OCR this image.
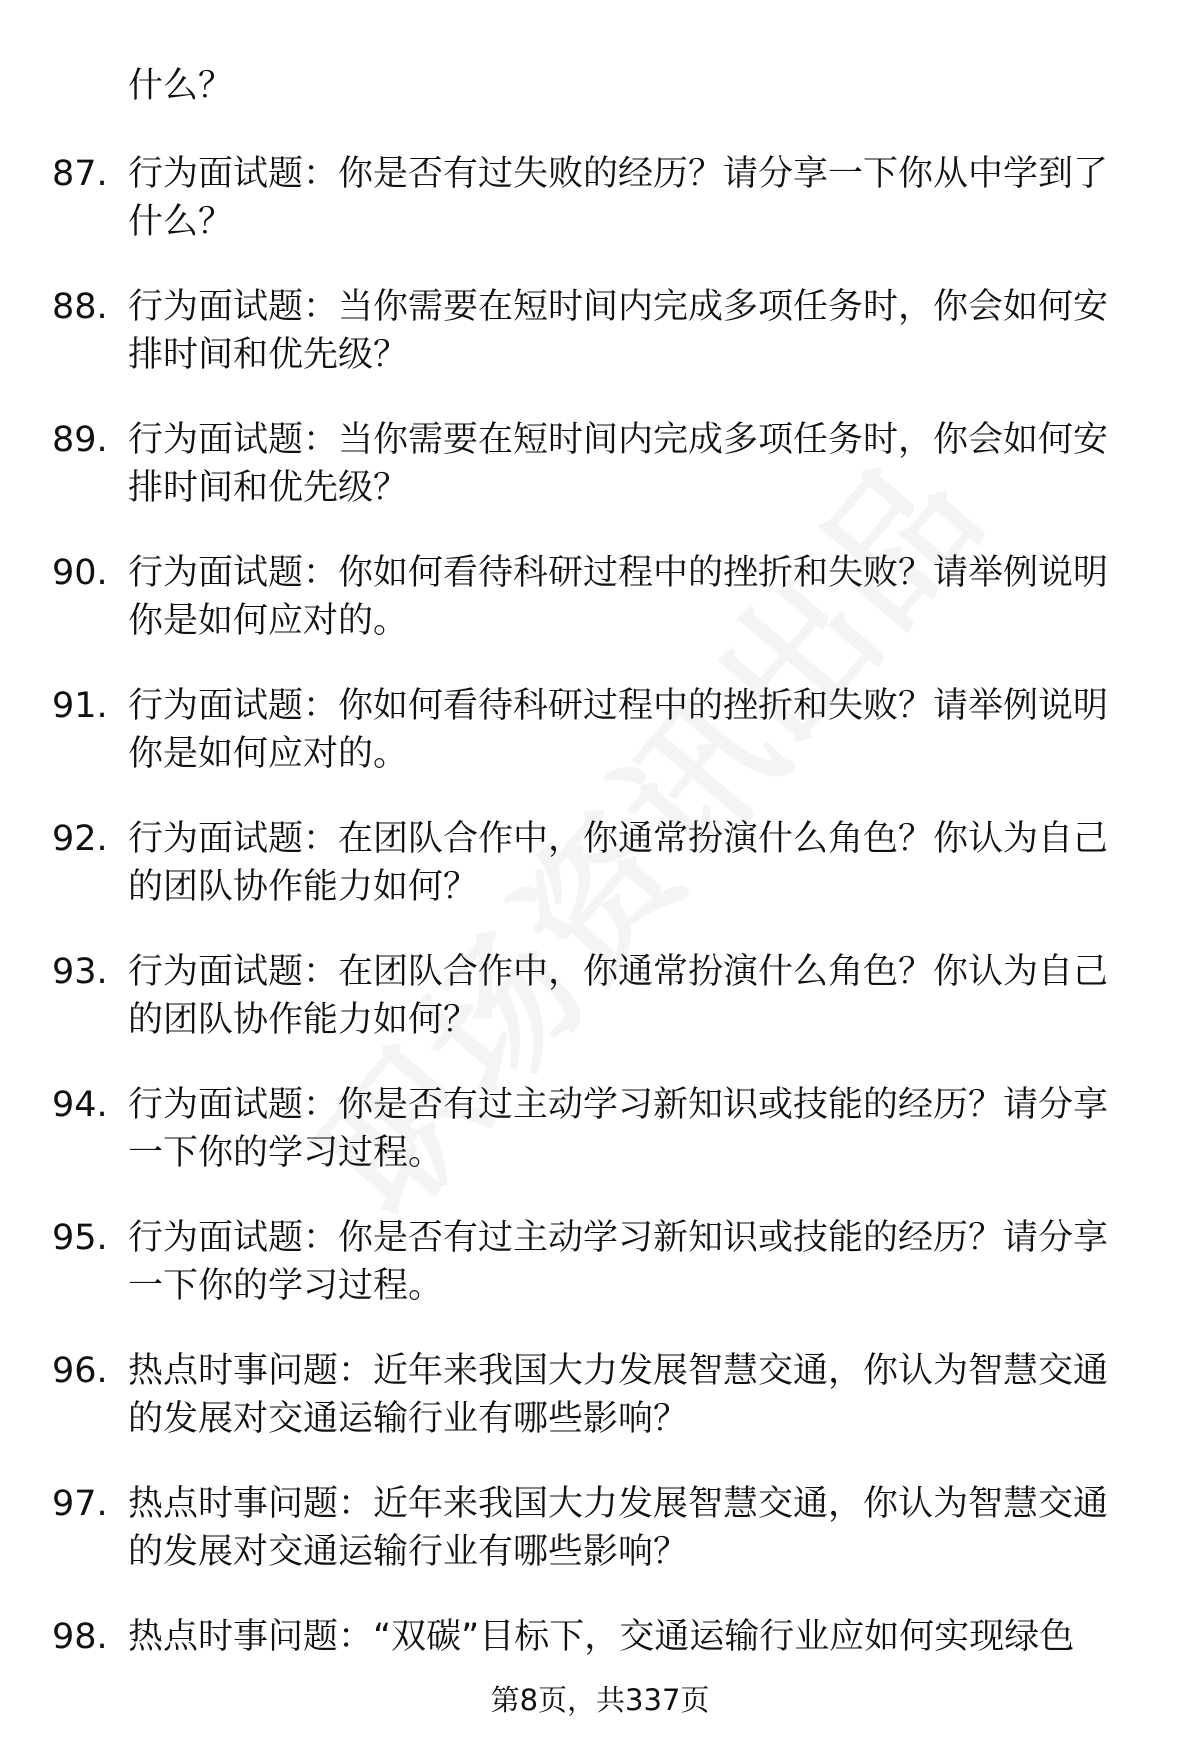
什么？
87. 行为面试题：你是否有过失败的经历？请分享一下你从中学到了什么？
88. 行为面试题：当你需要在短时间内完成多项任务时，你会如何安排时间和优先级？
89. 行为面试题：当你需要在短时间内完成多项任务时，你会如何安排时间和优先级？
90. 行为面试题：你如何看待科研过程中的挫折和失败？请举例说明你是如何应对的。
91. 行为面试题：你如何看待科研过程中的挫折和失败？请举例说明你是如何应对的。
92. 行为面试题：在团队合作中，你通常扮演什么角色？你认为自己的团队协作能力如何？
93. 行为面试题：在团队合作中，你通常扮演什么角色？你认为自己的团队协作能力如何？
94. 行为面试题：你是否有过主动学习新知识或技能的经历？请分享一下你的学习过程。
95. 行为面试题：你是否有过主动学习新知识或技能的经历？请分享一下你的学习过程。
96. 热点时事问题：近年来我国大力发展智慧交通，你认为智慧交通的发展对交通运输行业有哪些影响？
97. 热点时事问题：近年来我国大力发展智慧交通，你认为智慧交通的发展对交通运输行业有哪些影响？
98. 热点时事问题：“双碳”目标下，交通运输行业应如何实现绿色
第8页，共337页
